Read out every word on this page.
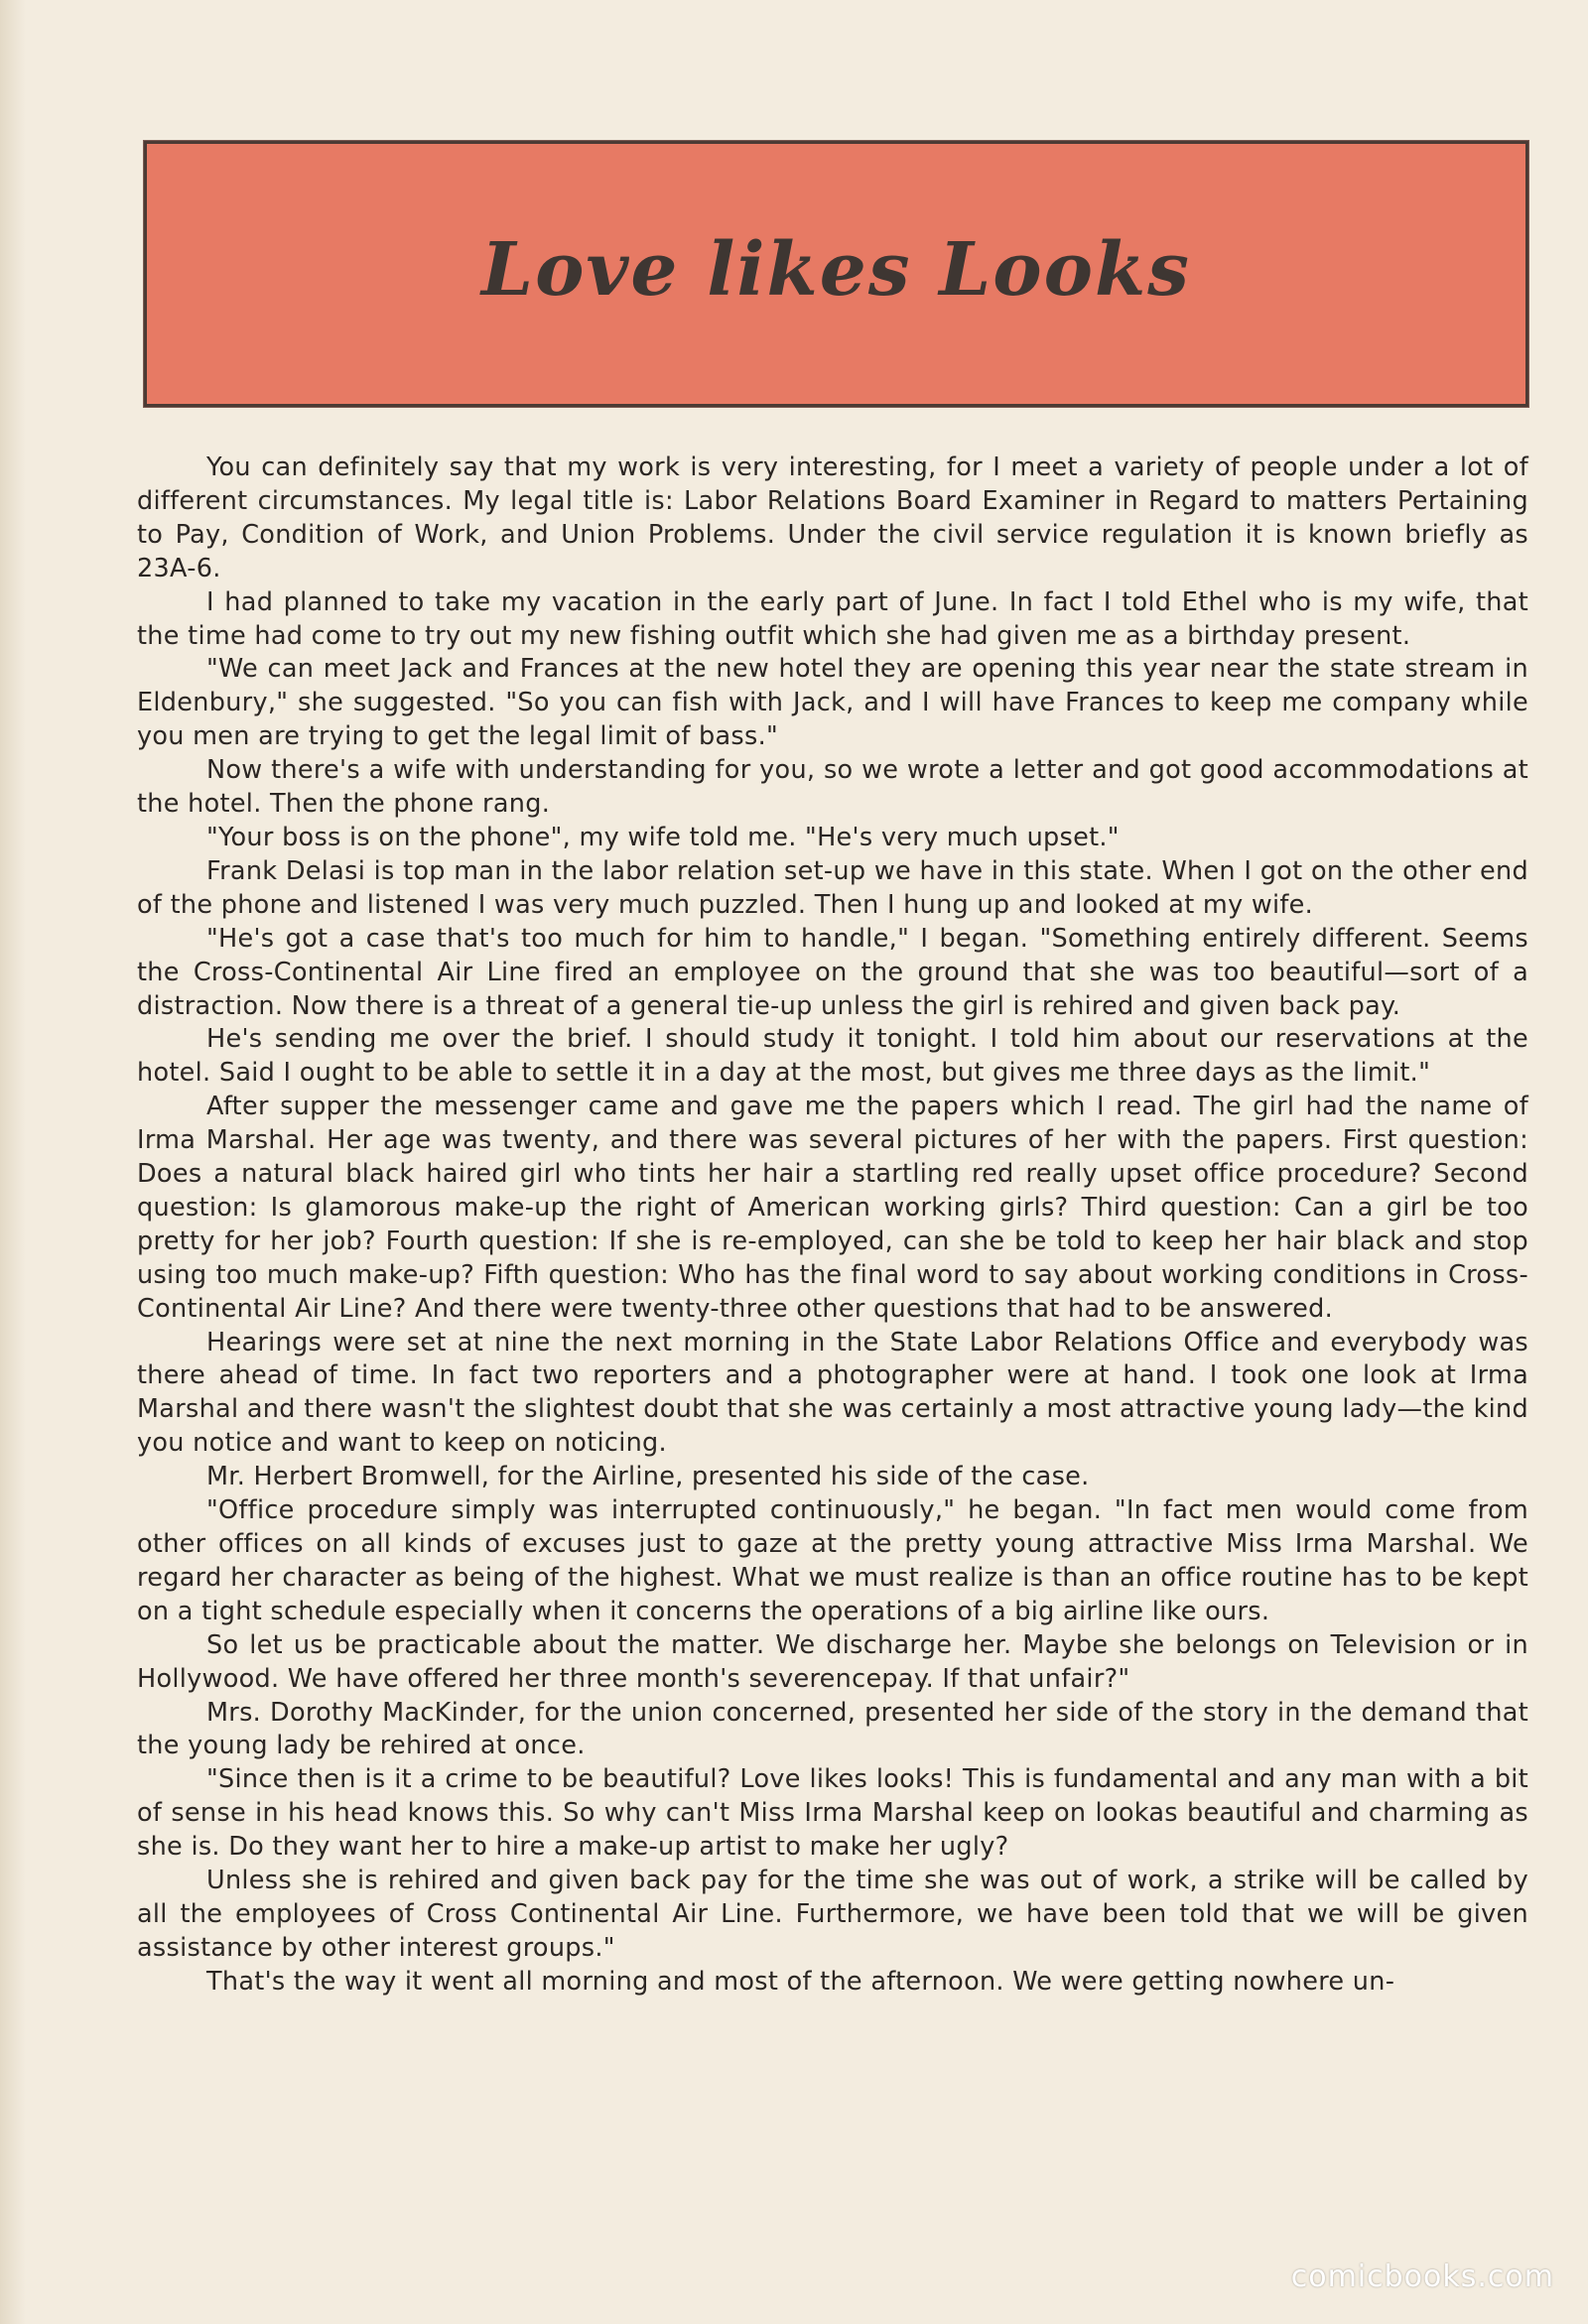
Love likes Looks

You can definitely say that my work is very interesting, for I meet a variety of people under a lot of different circumstances. My legal title is: Labor Relations Board Examiner in Regard to matters Pertaining to Pay, Condition of Work, and Union Problems. Under the civil service regulation it is known briefly as 23A-6.

I had planned to take my vacation in the early part of June. In fact I told Ethel who is my wife, that the time had come to try out my new fishing outfit which she had given me as a birthday present.

"We can meet Jack and Frances at the new hotel they are opening this year near the state stream in Eldenbury," she suggested. "So you can fish with Jack, and I will have Frances to keep me company while you men are trying to get the legal limit of bass."

Now there's a wife with understanding for you, so we wrote a letter and got good accommodations at the hotel. Then the phone rang.

"Your boss is on the phone", my wife told me. "He's very much upset."

Frank Delasi is top man in the labor relation set-up we have in this state. When I got on the other end of the phone and listened I was very much puzzled. Then I hung up and looked at my wife.

"He's got a case that's too much for him to handle," I began. "Something entirely different. Seems the Cross-Continental Air Line fired an employee on the ground that she was too beautiful—sort of a distraction. Now there is a threat of a general tie-up unless the girl is rehired and given back pay.

He's sending me over the brief. I should study it tonight. I told him about our reservations at the hotel. Said I ought to be able to settle it in a day at the most, but gives me three days as the limit."

After supper the messenger came and gave me the papers which I read. The girl had the name of Irma Marshal. Her age was twenty, and there was several pictures of her with the papers. First question: Does a natural black haired girl who tints her hair a startling red really upset office procedure? Second question: Is glamorous make-up the right of American working girls? Third question: Can a girl be too pretty for her job? Fourth question: If she is re-employed, can she be told to keep her hair black and stop using too much make-up? Fifth question: Who has the final word to say about working conditions in Cross-Continental Air Line? And there were twenty-three other questions that had to be answered.

Hearings were set at nine the next morning in the State Labor Relations Office and everybody was there ahead of time. In fact two reporters and a photographer were at hand. I took one look at Irma Marshal and there wasn't the slightest doubt that she was certainly a most attractive young lady—the kind you notice and want to keep on noticing.

Mr. Herbert Bromwell, for the Airline, presented his side of the case.

"Office procedure simply was interrupted continuously," he began. "In fact men would come from other offices on all kinds of excuses just to gaze at the pretty young attractive Miss Irma Marshal. We regard her character as being of the highest. What we must realize is than an office routine has to be kept on a tight schedule especially when it concerns the operations of a big airline like ours.

So let us be practicable about the matter. We discharge her. Maybe she belongs on Television or in Hollywood. We have offered her three month's severencepay. If that unfair?"

Mrs. Dorothy MacKinder, for the union concerned, presented her side of the story in the demand that the young lady be rehired at once.

"Since then is it a crime to be beautiful? Love likes looks! This is fundamental and any man with a bit of sense in his head knows this. So why can't Miss Irma Marshal keep on lookas beautiful and charming as she is. Do they want her to hire a make-up artist to make her ugly?

Unless she is rehired and given back pay for the time she was out of work, a strike will be called by all the employees of Cross Continental Air Line. Furthermore, we have been told that we will be given assistance by other interest groups."

That's the way it went all morning and most of the afternoon. We were getting nowhere un-

comicbooks.com
